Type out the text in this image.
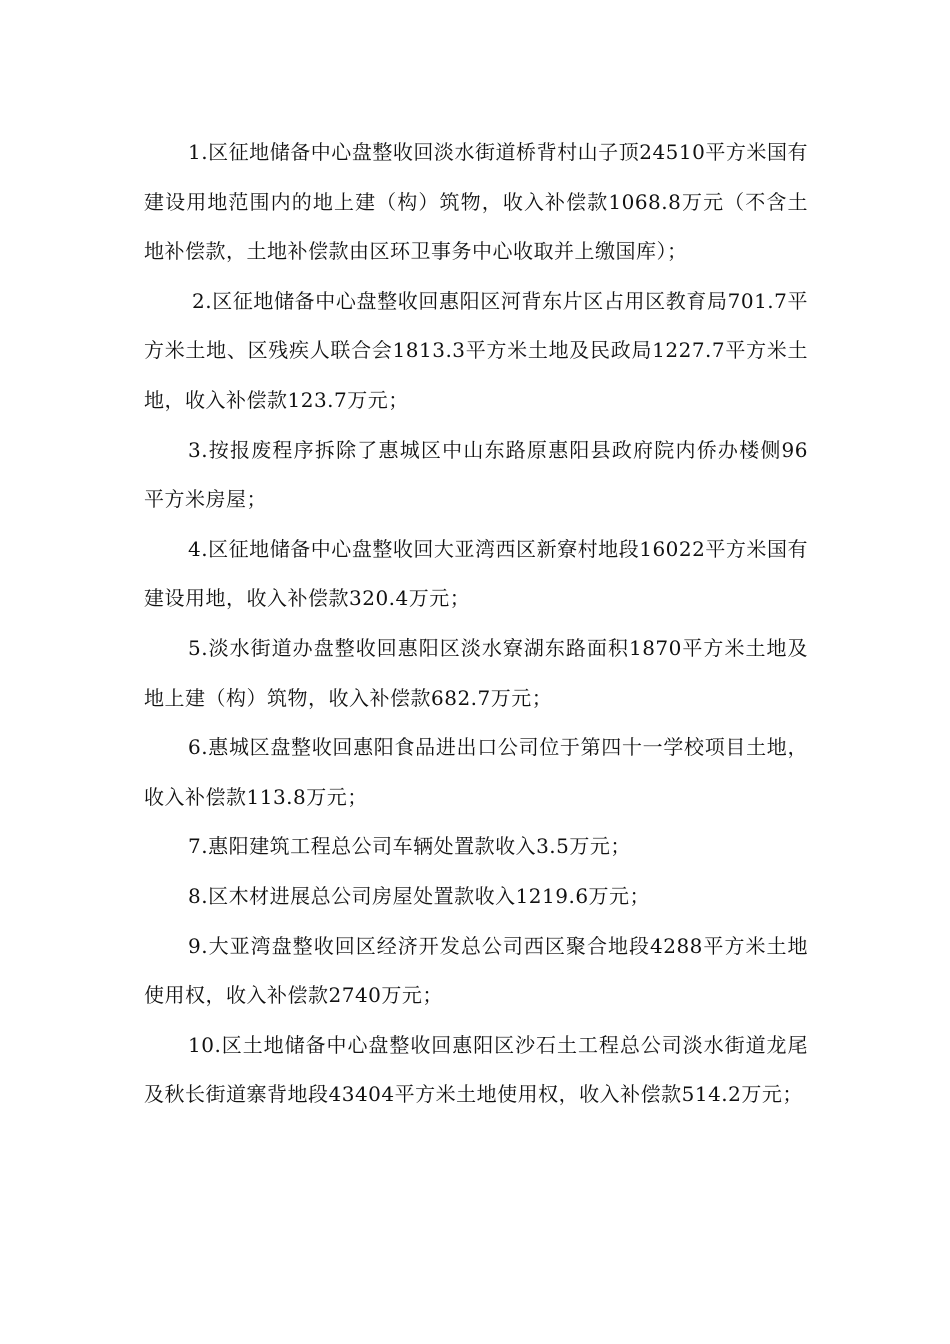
1.区征地储备中心盘整收回淡水街道桥背村山子顶24510平方米国有建设用地范围内的地上建（构）筑物，收入补偿款1068.8万元（不含土地补偿款，土地补偿款由区环卫事务中心收取并上缴国库）；

2.区征地储备中心盘整收回惠阳区河背东片区占用区教育局701.7平方米土地、区残疾人联合会1813.3平方米土地及民政局1227.7平方米土地，收入补偿款123.7万元；

3.按报废程序拆除了惠城区中山东路原惠阳县政府院内侨办楼侧96平方米房屋；

4.区征地储备中心盘整收回大亚湾西区新寮村地段16022平方米国有建设用地，收入补偿款320.4万元；

5.淡水街道办盘整收回惠阳区淡水寮湖东路面积1870平方米土地及地上建（构）筑物，收入补偿款682.7万元；

6.惠城区盘整收回惠阳食品进出口公司位于第四十一学校项目土地，收入补偿款113.8万元；

7.惠阳建筑工程总公司车辆处置款收入3.5万元；

8.区木材进展总公司房屋处置款收入1219.6万元；

9.大亚湾盘整收回区经济开发总公司西区聚合地段4288平方米土地使用权，收入补偿款2740万元；

10.区土地储备中心盘整收回惠阳区沙石土工程总公司淡水街道龙尾及秋长街道寨背地段43404平方米土地使用权，收入补偿款514.2万元；
